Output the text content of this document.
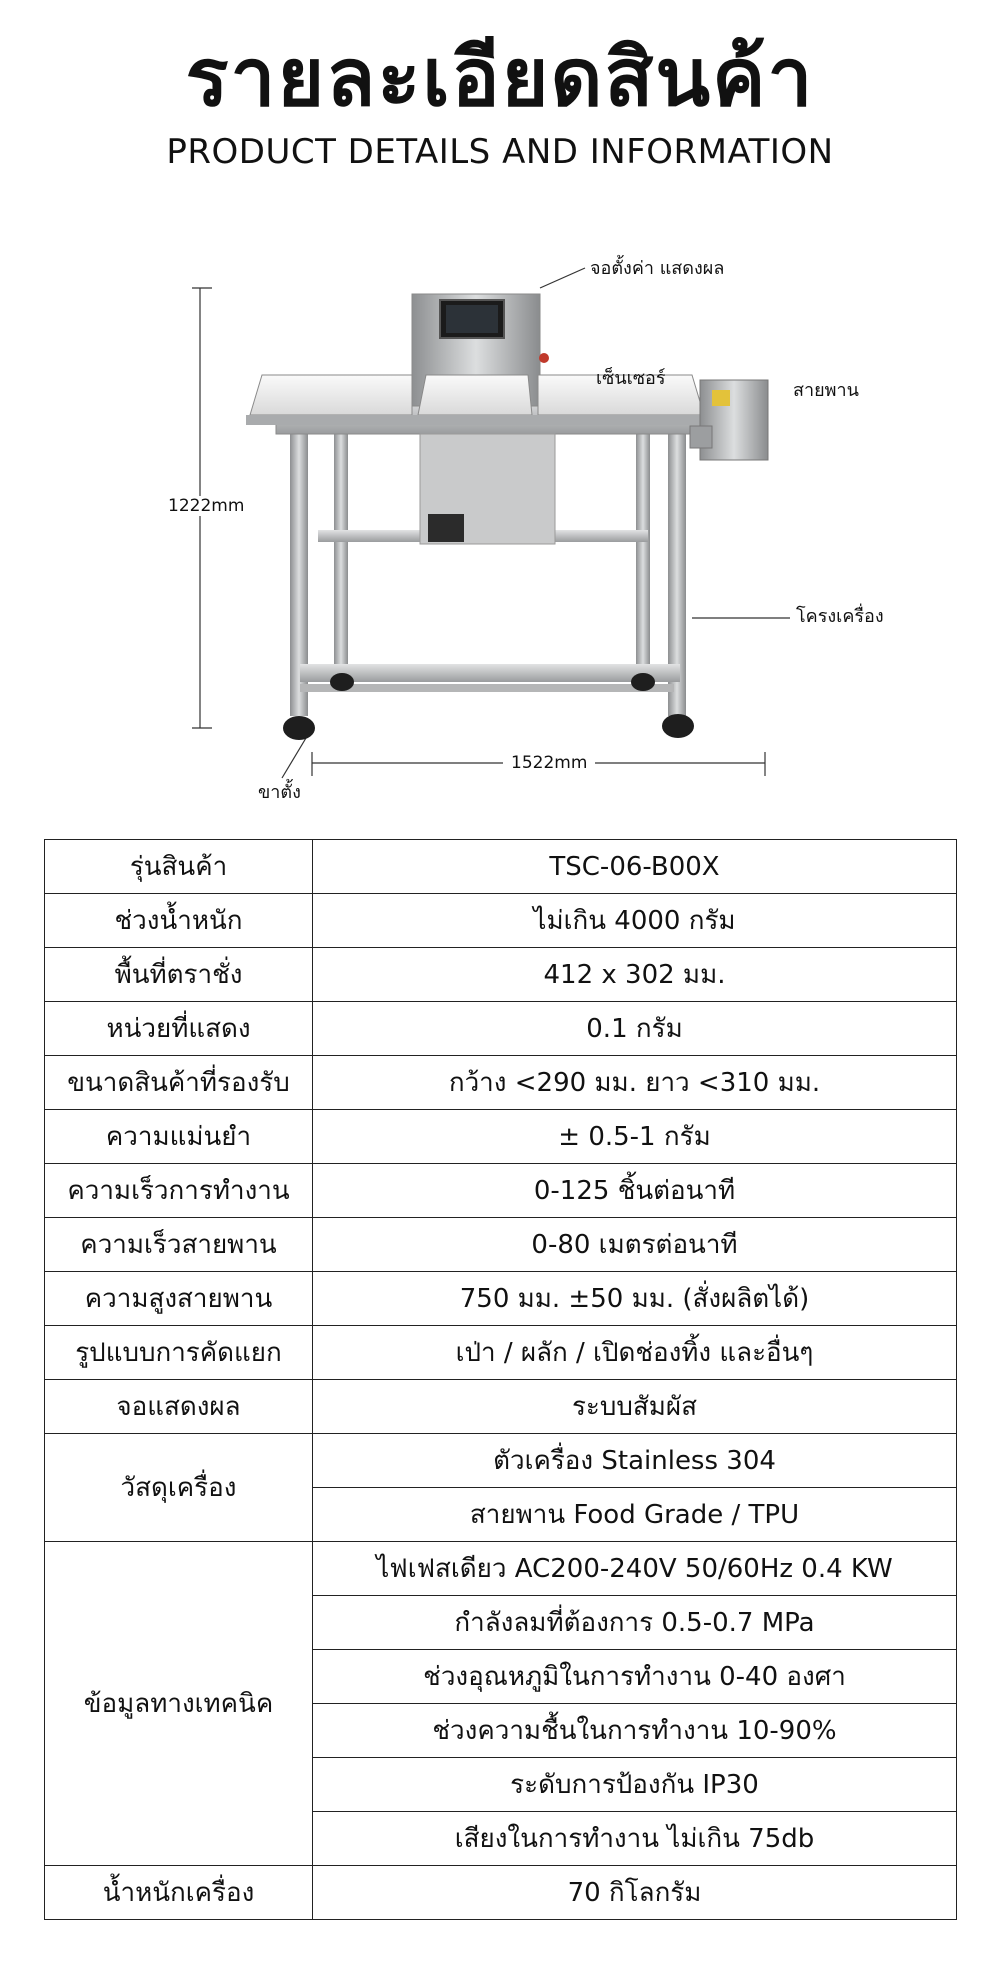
รายละเอียดสินค้า
PRODUCT DETAILS AND INFORMATION
จอตั้งค่า แสดงผล
เซ็นเซอร์
สายพาน
โครงเครื่อง
ขาตั้ง
1222mm
1522mm
รุ่นสินค้า	TSC-06-B00X
ช่วงน้ำหนัก	ไม่เกิน 4000 กรัม
พื้นที่ตราชั่ง	412 x 302 มม.
หน่วยที่แสดง	0.1 กรัม
ขนาดสินค้าที่รองรับ	กว้าง <290 มม. ยาว <310 มม.
ความแม่นยำ	± 0.5-1 กรัม
ความเร็วการทำงาน	0-125 ชิ้นต่อนาที
ความเร็วสายพาน	0-80 เมตรต่อนาที
ความสูงสายพาน	750 มม. ±50 มม. (สั่งผลิตได้)
รูปแบบการคัดแยก	เป่า / ผลัก / เปิดช่องทิ้ง และอื่นๆ
จอแสดงผล	ระบบสัมผัส
วัสดุเครื่อง	ตัวเครื่อง Stainless 304
	สายพาน Food Grade / TPU
ข้อมูลทางเทคนิค	ไฟเฟสเดียว AC200-240V 50/60Hz 0.4 KW
	กำลังลมที่ต้องการ 0.5-0.7 MPa
	ช่วงอุณหภูมิในการทำงาน 0-40 องศา
	ช่วงความชื้นในการทำงาน 10-90%
	ระดับการป้องกัน IP30
	เสียงในการทำงาน ไม่เกิน 75db
น้ำหนักเครื่อง	70 กิโลกรัม
